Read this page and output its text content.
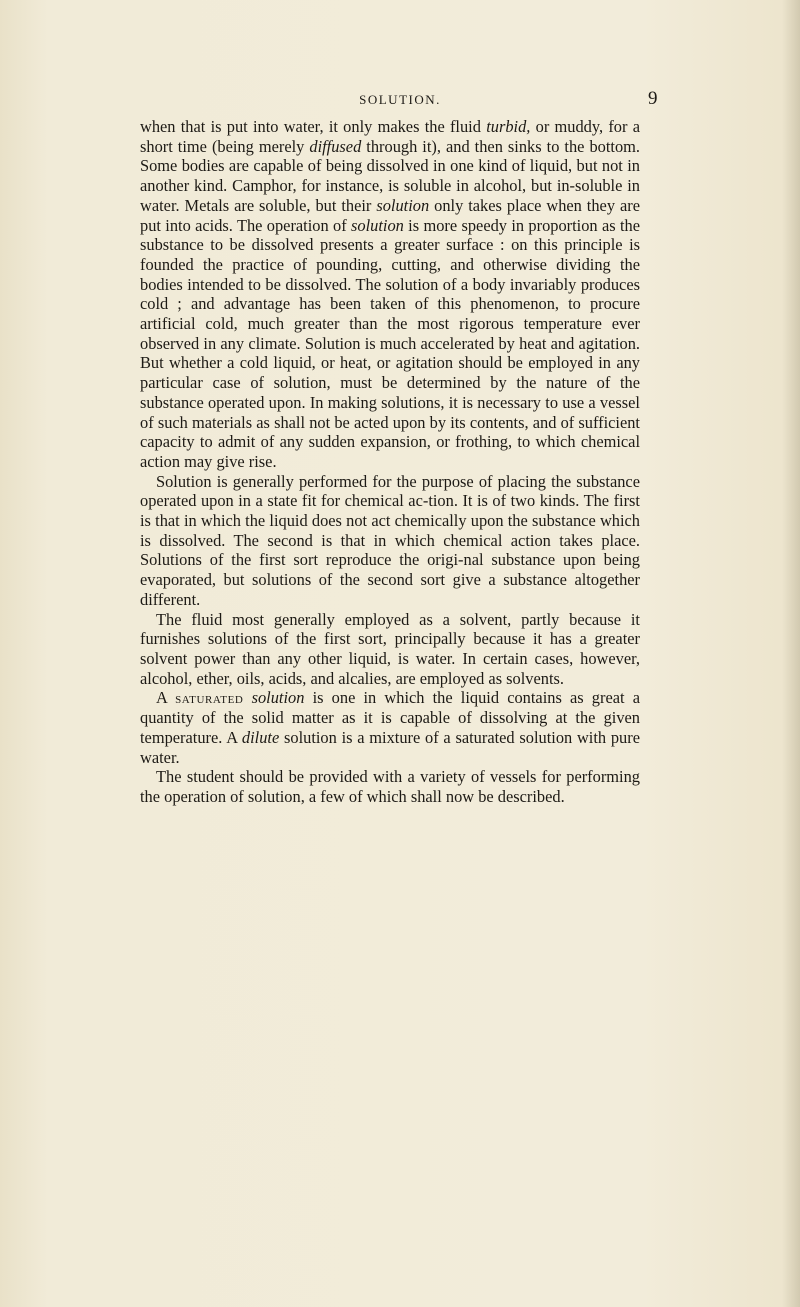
SOLUTION.	9

when that is put into water, it only makes the fluid turbid, or muddy, for a short time (being merely diffused through it), and then sinks to the bottom. Some bodies are capable of being dissolved in one kind of liquid, but not in another kind. Camphor, for instance, is soluble in alcohol, but in-soluble in water. Metals are soluble, but their solution only takes place when they are put into acids. The operation of solution is more speedy in proportion as the substance to be dissolved presents a greater surface : on this principle is founded the practice of pounding, cutting, and otherwise dividing the bodies intended to be dissolved. The solution of a body invariably produces cold ; and advantage has been taken of this phenomenon, to procure artificial cold, much greater than the most rigorous temperature ever observed in any climate. Solution is much accelerated by heat and agitation. But whether a cold liquid, or heat, or agitation should be employed in any particular case of solution, must be determined by the nature of the substance operated upon. In making solutions, it is necessary to use a vessel of such materials as shall not be acted upon by its contents, and of sufficient capacity to admit of any sudden expansion, or frothing, to which chemical action may give rise.

Solution is generally performed for the purpose of placing the substance operated upon in a state fit for chemical ac-tion. It is of two kinds. The first is that in which the liquid does not act chemically upon the substance which is dissolved. The second is that in which chemical action takes place. Solutions of the first sort reproduce the origi-nal substance upon being evaporated, but solutions of the second sort give a substance altogether different.

The fluid most generally employed as a solvent, partly because it furnishes solutions of the first sort, principally because it has a greater solvent power than any other liquid, is water. In certain cases, however, alcohol, ether, oils, acids, and alcalies, are employed as solvents.

A saturated solution is one in which the liquid contains as great a quantity of the solid matter as it is capable of dissolving at the given temperature. A dilute solution is a mixture of a saturated solution with pure water.

The student should be provided with a variety of vessels for performing the operation of solution, a few of which shall now be described.
